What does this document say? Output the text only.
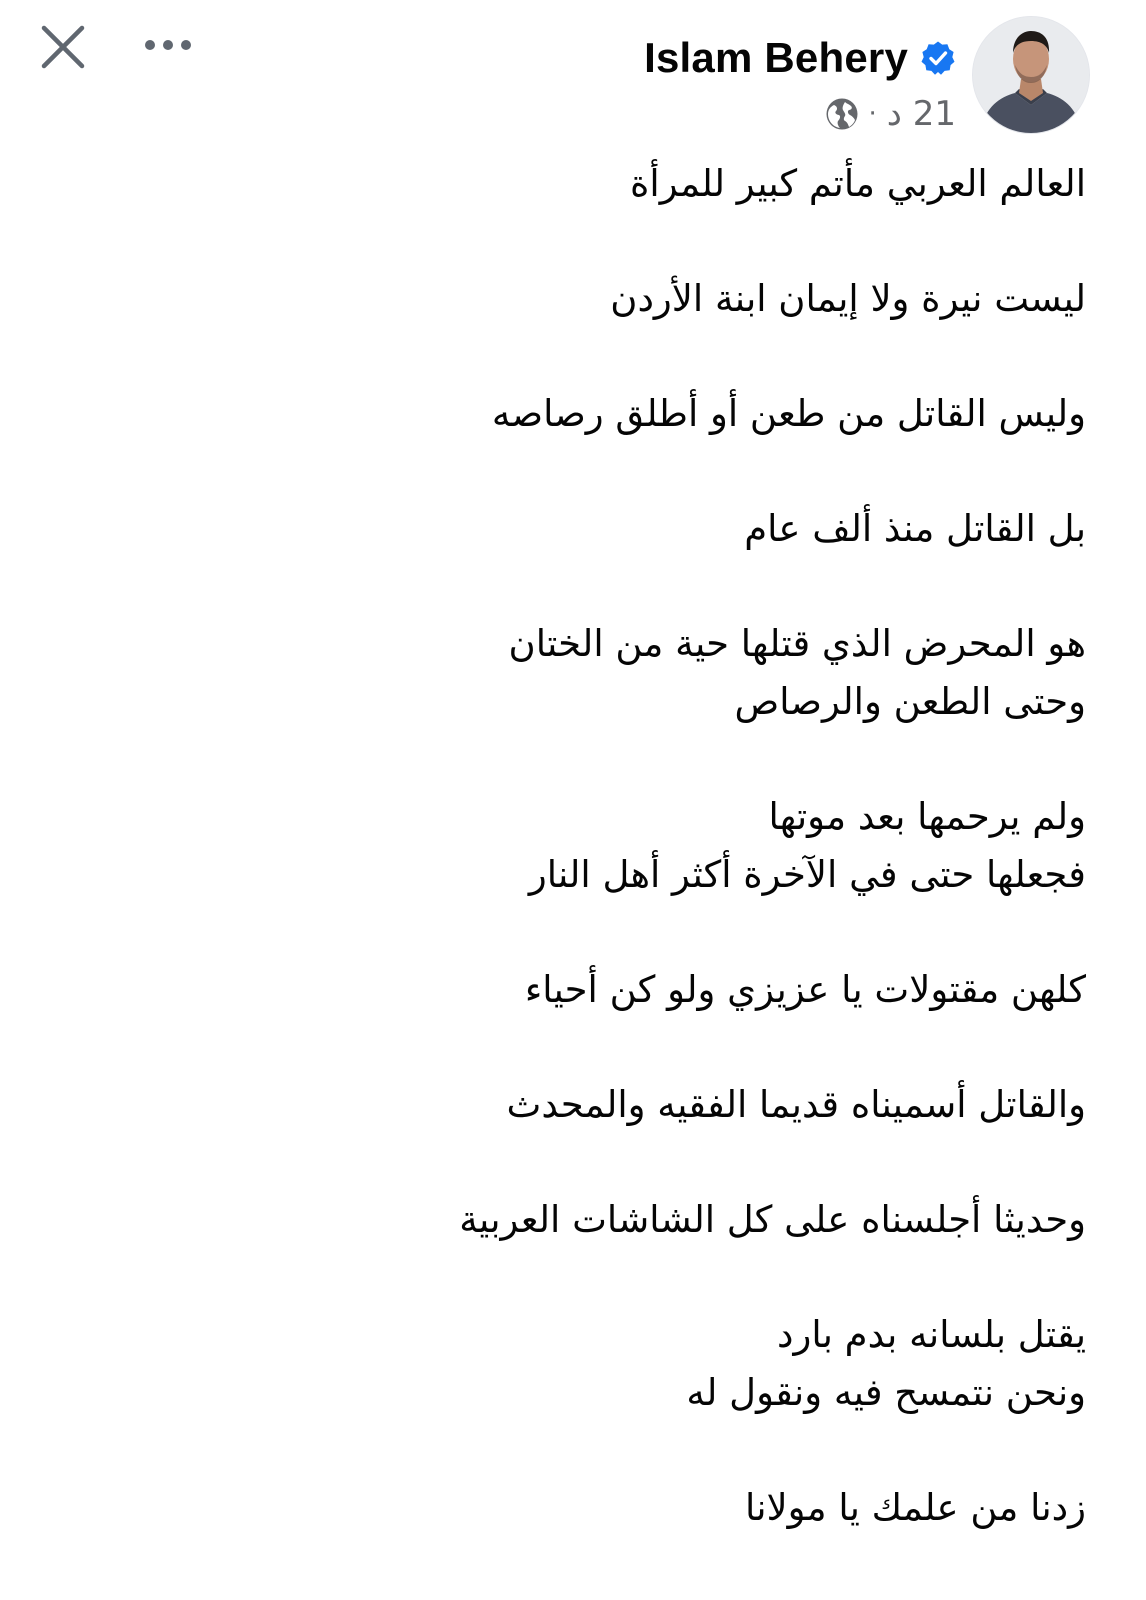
Islam Behery
21 د
·
العالم العربي مأتم كبير للمرأة
ليست نيرة ولا إيمان ابنة الأردن
وليس القاتل من طعن أو أطلق رصاصه
بل القاتل منذ ألف عام
هو المحرض الذي قتلها حية من الختان
وحتى الطعن والرصاص
ولم يرحمها بعد موتها
فجعلها حتى في الآخرة أكثر أهل النار
كلهن مقتولات يا عزيزي ولو كن أحياء
والقاتل أسميناه قديما الفقيه والمحدث
وحديثا أجلسناه على كل الشاشات العربية
يقتل بلسانه بدم بارد
ونحن نتمسح فيه ونقول له
زدنا من علمك يا مولانا
